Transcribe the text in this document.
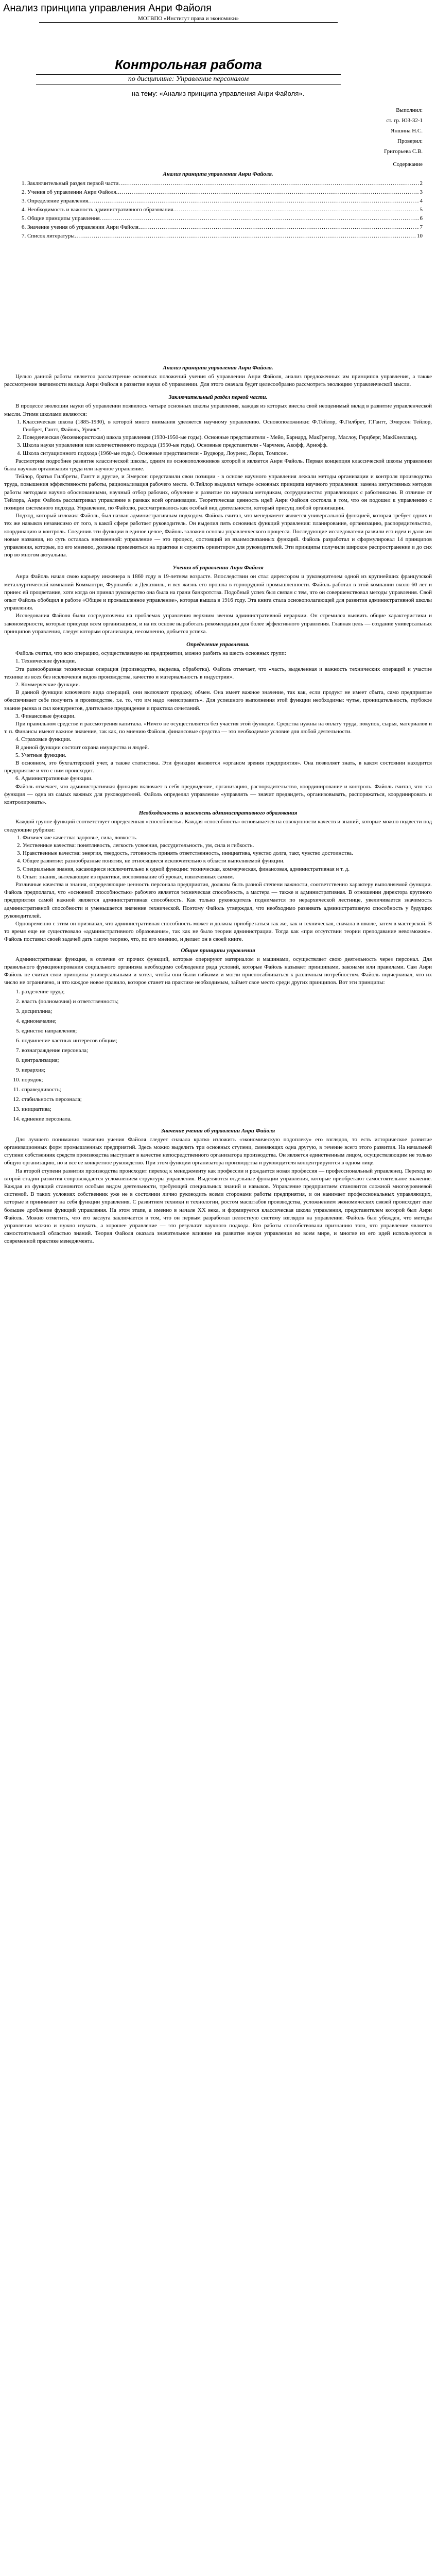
Анализ принципа управления Анри Файоля
МОГВПО «Институт права и экономики»
Контрольная работа
по дисциплине: Управление персоналом
на тему: «Анализ принципа управления Анри Файоля».
Выполнил:
ст. гр. ЮЗ-32-1
Яншина Н.С.
Проверил:
Григорьева С.В.
Содержание
Анализ принципа управления Анри Файоля.
1. Заключительный раздел первой части .....	2
2. Учения об управлении Анри Файоля .....	3
3. Определение управления .....	4
4. Необходимость и важность административного образования .....	5
5. Общие принципы управления .....	6
6. Значение учения об управлении Анри Файоля .....	7
7. Список литературы .....	10
Анализ принципа управления Анри Файоля.

Целью данной работы является рассмотрение основных положений учения об управлении Анри Файоля, анализ предложенных им принципов управления, а также рассмотрение значимости вклада Анри Файоля в развитие науки об управлении. Для этого сначала будет целесообразно рассмотреть эволюцию управленческой мысли.

Заключительный раздел первой части.

В процессе эволюции науки об управлении появилось четыре основных школы управления, каждая из которых внесла свой неоценимый вклад в развитие управленческой мысли. Этими школами являются:

1. Классическая школа (1885-1930), в которой много внимания уделяется научному управлению. Основоположники: Ф.Тейлор, Ф.Гилбрет, Г.Гантт, Эмерсон Тейлор, Гилбрет, Гантт, Файоль, Урвик*.
2. Поведенческая (бихевиористская) школа управления (1930-1950-ые годы). Основные представители - Мейо, Барнард, МакГрегор, Маслоу, Герцберг, МакКлелланд.
3. Школа науки управления или количественного подхода (1950-ые годы). Основные представители - Чарчмен, Акофф, Арнофф.
4. Школа ситуационного подхода (1960-ые годы). Основные представители - Вудворд, Лоуренс, Лорш, Томпсон.

Рассмотрим подробнее развитие классической школы, одним из основоположников которой и является Анри Файоль. Первая концепция классической школы управления была научная организация труда или научное управление.

Тейлор, братья Гилбреты, Гантт и другие, и Эмерсон представили свои позиции - в основе научного управления лежали методы организации и контроля производства труда, повышения эффективности работы, рационализация рабочего места. Ф.Тейлор выделил четыре основных принципа научного управления: замена интуитивных методов работы методами научно обоснованными, научный отбор рабочих, обучение и развитие по научным методикам, сотрудничество управляющих с работниками. В отличие от Тейлора, Анри Файоль рассматривал управление в рамках всей организации. Теоретическая ценность идей Анри Файоля состояла в том, что он подошел к управлению с позиции системного подхода. Управление, по Файолю, рассматривалось как особый вид деятельности, который присущ любой организации.

Подход, который изложил Файоль, был назван административным подходом. Файоль считал, что менеджмент является универсальной функцией, которая требует одних и тех же навыков независимо от того, в какой сфере работает руководитель. Он выделил пять основных функций управления: планирование, организацию, распорядительство, координацию и контроль. Соединив эти функции в единое целое, Файоль заложил основы управленческого процесса. Последующие исследователи развили его идеи и дали им новые названия, но суть осталась неизменной: управление — это процесс, состоящий из взаимосвязанных функций. Файоль разработал и сформулировал 14 принципов управления, которые, по его мнению, должны применяться на практике и служить ориентиром для руководителей. Эти принципы получили широкое распространение и до сих пор во многом актуальны.

Учения об управлении Анри Файоля

Анри Файоль начал свою карьеру инженера в 1860 году в 19-летнем возрасте. Впоследствии он стал директором и руководителем одной из крупнейших французской металлургической компаний Коммантри, Фуршамбо и Деказвиль, и вся жизнь его прошла в горнорудной промышленности. Файоль работал в этой компании около 60 лет и принес ей процветание, хотя когда он принял руководство она была на грани банкротства. Подобный успех был связан с тем, что он совершенствовал методы управления. Свой опыт Файоль обобщил в работе «Общее и промышленное управление», которая вышла в 1916 году. Эта книга стала основополагающей для развития административной школы управления.

Исследования Файоля были сосредоточены на проблемах управления верхним звеном административной иерархии. Он стремился выявить общие характеристики и закономерности, которые присущи всем организациям, и на их основе выработать рекомендации для более эффективного управления. Главная цель — создание универсальных принципов управления, следуя которым организация, несомненно, добьется успеха.

Определение управления.

Файоль считал, что всю операцию, осуществляемую на предприятии, можно разбить на шесть основных групп:

1. Технические функции.

Эта разнообразная техническая операция (производство, выделка, обработка). Файоль отмечает, что «часть, выделенная и важность технических операций и участие технике из всех без исключения видов производства, качество и материальность в индустрии».

2. Коммерческие функции.

В данной функции ключевого вида операций, они включают продажу, обмен. Она имеет важное значение, так как, если продукт не имеет сбыта, само предприятие обеспечивает себе получить в производстве, т.е. то, что им надо «неисправить». Для успешного выполнения этой функции необходимы: чутье, проницательность, глубокое знание рынка и сил конкурентов, длительное предвидение и практика сочетаний.

3. Финансовые функции.

При правильном средстве и рассмотрения капитала. «Ничто не осуществляется без участия этой функции. Средства нужны на оплату труда, покупок, сырья, материалов и т. п. Финансы имеют важное значение, так как, по мнению Файоля, финансовые средства — это необходимое условие для любой деятельности.

4. Страховые функции.

В данной функции состоит охрана имущества и людей.

5. Учетные функции.

В основном, это бухгалтерский учет, а также статистика. Эти функции являются «органом зрения предприятия». Она позволяет знать, в каком состоянии находится предприятие и что с ним происходит.

6. Административные функции.

Файоль отмечает, что административная функция включает в себя предвидение, организацию, распорядительство, координирование и контроль. Файоль считал, что эта функция — одна из самых важных для руководителей. Файоль определял управление «управлять — значит предвидеть, организовывать, распоряжаться, координировать и контролировать».

Необходимость и важность административного образования

Каждой группе функций соответствует определенная «способность». Каждая «способность» основывается на совокупности качеств и знаний, которые можно подвести под следующие рубрики:

1. Физические качества: здоровье, сила, ловкость.
2. Умственные качества: понятливость, легкость усвоения, рассудительность, ум, сила и гибкость.
3. Нравственные качества: энергия, твердость, готовность принять ответственность, инициатива, чувство долга, такт, чувство достоинства.
4. Общее развитие: разнообразные понятия, не относящиеся исключительно к области выполняемой функции.
5. Специальные знания, касающиеся исключительно к одной функции: техническая, коммерческая, финансовая, административная и т. д.
6. Опыт: знания, вытекающие из практики, воспоминание об уроках, извлеченных самим.

Различные качества и знания, определяющие ценность персонала предприятия, должны быть разной степени важности, соответственно характеру выполняемой функции. Файоль предполагал, что «основной способностью» рабочего является техническая способность, а мастера — также и административная. В отношении директора крупного предприятия самой важной является административная способность. Как только руководитель поднимается по иерархической лестнице, увеличивается значимость административной способности и уменьшается значение технической. Поэтому Файоль утверждал, что необходимо развивать административную способность у будущих руководителей.

Одновременно с этим он признавал, что административная способность может и должна приобретаться так же, как и техническая, сначала в школе, затем в мастерской. В то время еще не существовало «административного образования», так как не было теории администрации. Тогда как «при отсутствии теории преподавание невозможно». Файоль поставил своей задачей дать такую теорию, что, по его мнению, и делает он в своей книге.

Общие принципы управления

Административная функция, в отличие от прочих функций, которые оперируют материалом и машинами, осуществляет свою деятельность через персонал. Для правильного функционирования социального организма необходимо соблюдение ряда условий, которые Файоль называет принципами, законами или правилами. Сам Анри Файоль не считал свои принципы универсальными и хотел, чтобы они были гибкими и могли приспосабливаться к различным потребностям. Файоль подчеркивал, что их число не ограничено, и что каждое новое правило, которое станет на практике необходимым, займет свое место среди других принципов. Вот эти принципы:

1. разделение труда;
2. власть (полномочия) и ответственность;
3. дисциплина;
4. единоначалие;
5. единство направления;
6. подчинение частных интересов общим;
7. вознаграждение персонала;
8. централизация;
9. иерархия;
10. порядок;
11. справедливость;
12. стабильность персонала;
13. инициатива;
14. единение персонала.
Значение учения об управлении Анри Файоля

Для лучшего понимания значения учения Файоля следует сначала кратко изложить «экономическую подоплеку» его взглядов, то есть историческое развитие организационных форм промышленных предприятий. Здесь можно выделить три основных ступени, сменяющих одна другую, в течение всего этого развития. На начальной ступени собственник средств производства выступает в качестве непосредственного организатора производства. Он является единственным лицом, осуществляющим не только общую организацию, но и все ее конкретное руководство. При этом функции организатора производства и руководителя концентрируются в одном лице.

На второй ступени развития производства происходит переход к менеджменту как профессии и рождается новая профессия — профессиональный управленец. Переход ко второй стадии развития сопровождается усложнением структуры управления. Выделяются отдельные функции управления, которые приобретают самостоятельное значение. Каждая из функций становится особым видом деятельности, требующей специальных знаний и навыков. Управление предприятием становится сложной многоуровневой системой. В таких условиях собственник уже не в состоянии лично руководить всеми сторонами работы предприятия, и он нанимает профессиональных управляющих, которые и принимают на себя функции управления. С развитием техники и технологии, ростом масштабов производства, усложнением экономических связей происходит еще большее дробление функций управления. На этом этапе, а именно в начале XX века, и формируется классическая школа управления, представителем которой был Анри Файоль. Можно отметить, что его заслуга заключается в том, что он первым разработал целостную систему взглядов на управление. Файоль был убежден, что методы управления можно и нужно изучать, а хорошее управление — это результат научного подхода. Его работы способствовали признанию того, что управление является самостоятельной областью знаний. Теория Файоля оказала значительное влияние на развитие науки управления во всем мире, и многие из его идей используются в современной практике менеджмента.
